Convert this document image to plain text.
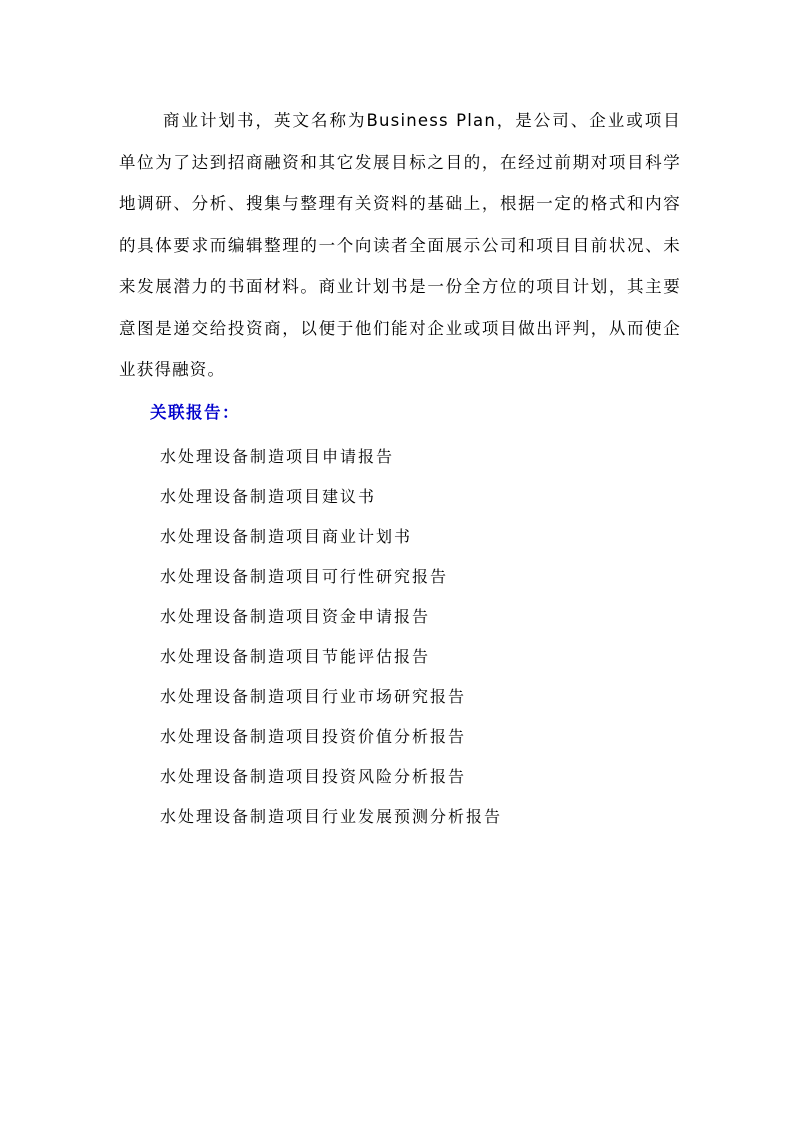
商业计划书，英文名称为Business Plan，是公司、企业或项目单位为了达到招商融资和其它发展目标之目的，在经过前期对项目科学地调研、分析、搜集与整理有关资料的基础上，根据一定的格式和内容的具体要求而编辑整理的一个向读者全面展示公司和项目目前状况、未来发展潜力的书面材料。商业计划书是一份全方位的项目计划，其主要意图是递交给投资商，以便于他们能对企业或项目做出评判，从而使企业获得融资。

关联报告：

水处理设备制造项目申请报告
水处理设备制造项目建议书
水处理设备制造项目商业计划书
水处理设备制造项目可行性研究报告
水处理设备制造项目资金申请报告
水处理设备制造项目节能评估报告
水处理设备制造项目行业市场研究报告
水处理设备制造项目投资价值分析报告
水处理设备制造项目投资风险分析报告
水处理设备制造项目行业发展预测分析报告
